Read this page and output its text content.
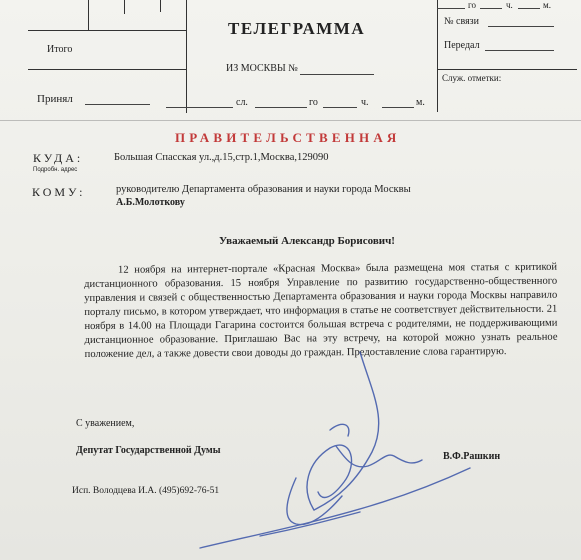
Итого
Принял
ТЕЛЕГРАММА
ИЗ МОСКВЫ №
сл.	го	ч.	м.
го	ч.	м.
№ связи
Передал
Служ. отметки:
ПРАВИТЕЛЬСТВЕННАЯ
КУДА:
Подробн. адрес
Большая Спасская ул.,д.15,стр.1,Москва,129090
КОМУ:	руководителю Департамента образования и науки города Москвы
А.Б.Молоткову
Уважаемый Александр Борисович!
12 ноября на интернет-портале «Красная Москва» была размещена моя статья с критикой дистанционного образования. 15 ноября Управление по развитию государственно-общественного управления и связей с общественностью Департамента образования и науки города Москвы направило порталу письмо, в котором утверждает, что информация в статье не соответствует действительности. 21 ноября в 14.00 на Площади Гагарина состоится большая встреча с родителями, не поддерживающими дистанционное образование. Приглашаю Вас на эту встречу, на которой можно узнать реальное положение дел, а также довести свои доводы до граждан. Предоставление слова гарантирую.
С уважением,
Депутат Государственной Думы
В.Ф.Рашкин
Исп. Володцева И.А. (495)692-76-51
